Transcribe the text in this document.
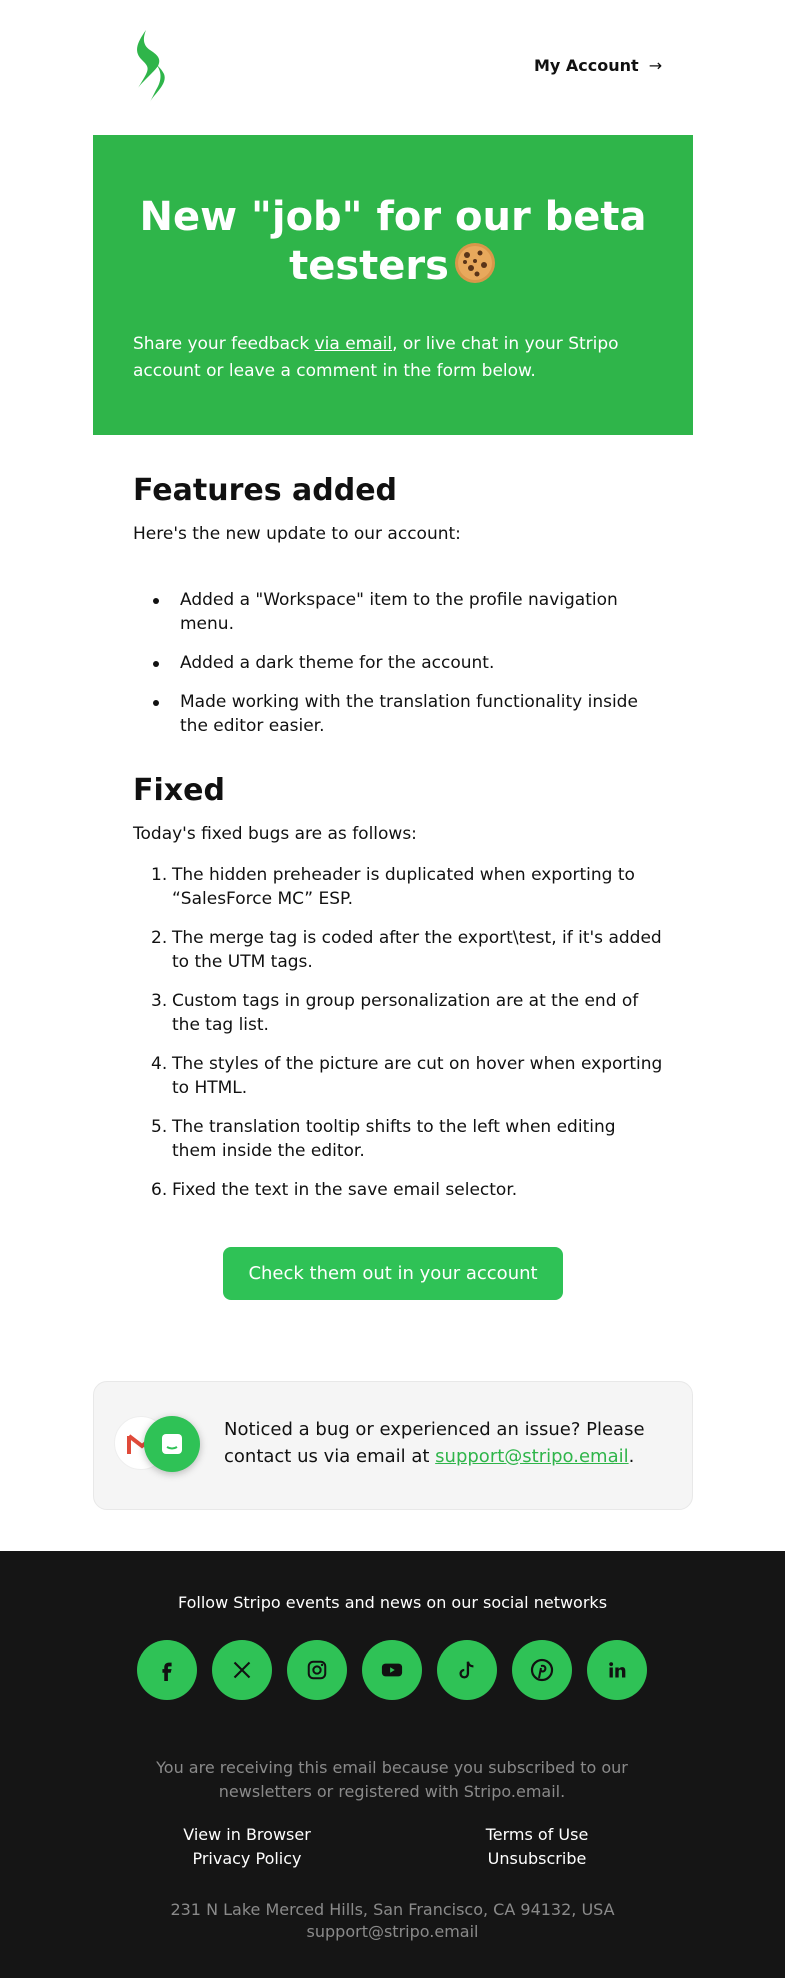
My Account →
New "job" for our beta testers

Share your feedback via email, or live chat in your Stripo account or leave a comment in the form below.

Features added
Here's the new update to our account:
Added a "Workspace" item to the profile navigation menu.
Added a dark theme for the account.
Made working with the translation functionality inside the editor easier.
Fixed
Today's fixed bugs are as follows:
1. The hidden preheader is duplicated when exporting to “SalesForce MC” ESP.
2. The merge tag is coded after the export\test, if it's added to the UTM tags.
3. Custom tags in group personalization are at the end of the tag list.
4. The styles of the picture are cut on hover when exporting to HTML.
5. The translation tooltip shifts to the left when editing them inside the editor.
6. Fixed the text in the save email selector.
Check them out in your account
Noticed a bug or experienced an issue? Please contact us via email at support@stripo.email.
Follow Stripo events and news on our social networks
You are receiving this email because you subscribed to our newsletters or registered with Stripo.email.
View in Browser
Privacy Policy
Terms of Use
Unsubscribe
231 N Lake Merced Hills, San Francisco, CA 94132, USA
support@stripo.email
